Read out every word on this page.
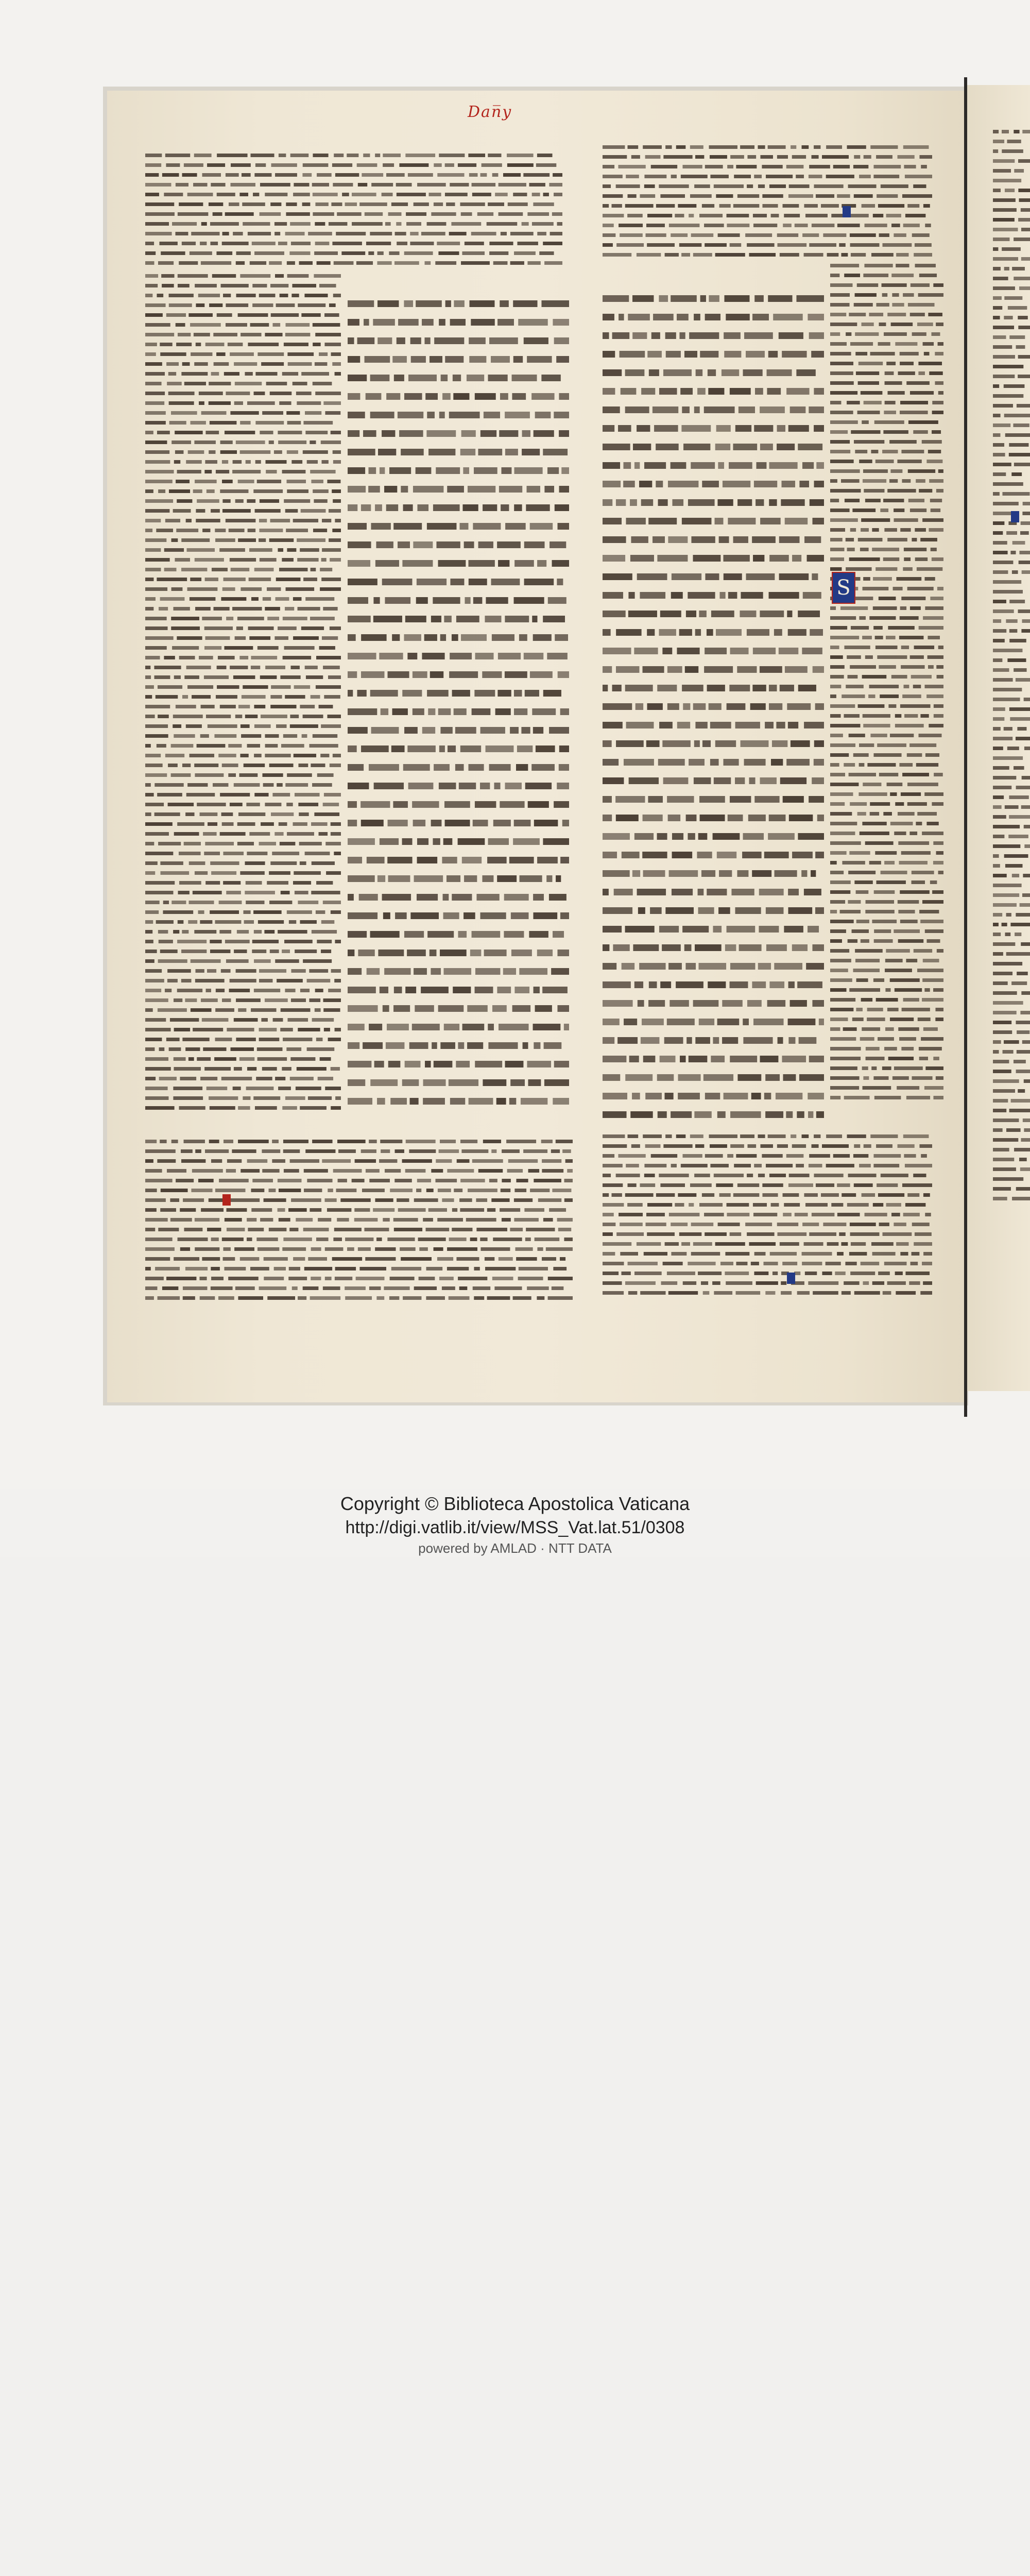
Dan̅y
S
Copyright © Biblioteca Apostolica Vaticana
http://digi.vatlib.it/view/MSS_Vat.lat.51/0308
powered by AMLAD · NTT DATA
